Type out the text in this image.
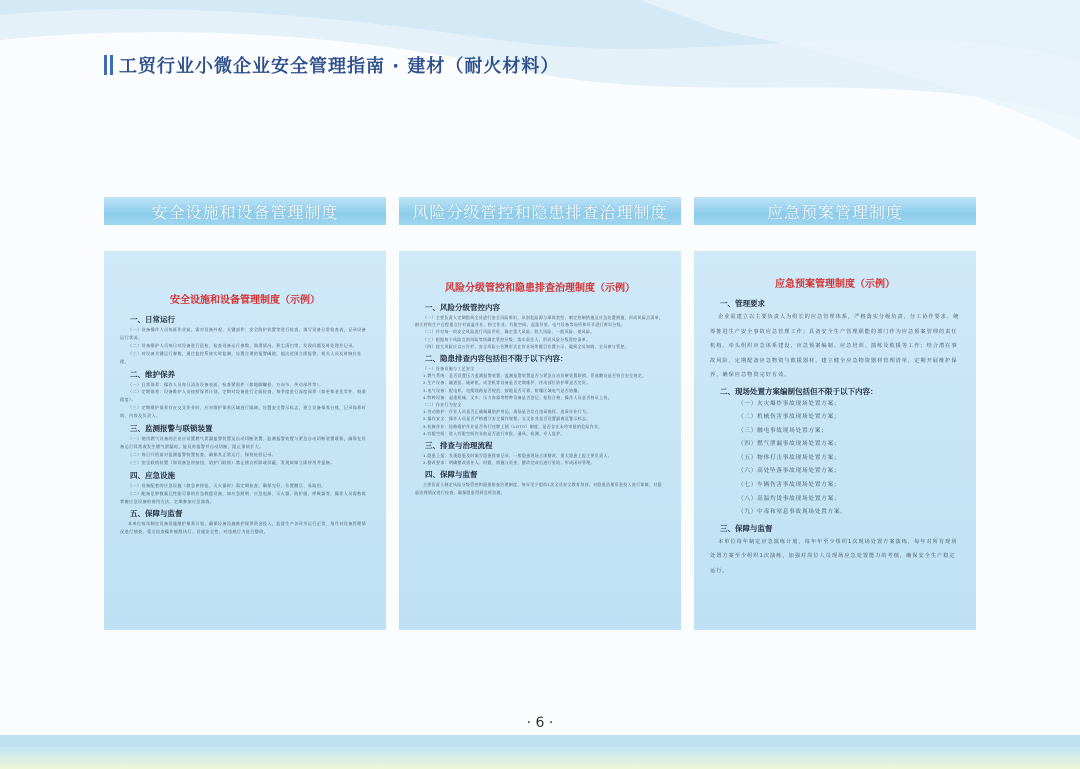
工贸行业小微企业安全管理指南 · 建材（耐火材料）
安全设施和设备管理制度	风险分级管控和隐患排查治理制度	应急预案管理制度
安全设施和设备管理制度（示例）
一、日常运行

（一）设备操作人员每班作业前，需对设备外观、关键部件、安全防护装置等进行检查，填写设备日常检查表，记录设备运行状况。

（二）设备维护人员每日对设备进行巡检，检查设备运行参数、润滑情况、积尘清扫等，发现问题及时处理并记录。

（三）对设备关键运行参数，通过监控系统实时监测，设置合理的报警阈值，超出范围立即报警，相关人员及时响应处理。

二、维护保养

（一）日常保养：操作人员每日清洁设备表面，检查紧固件（如地脚螺栓、万向节、传动部件等）。

（二）定期保养：设备维护人员按照保养计划，定期对设备进行全面检查，每季度进行深度保养（如更换老化零件、校准精度）。

（三）定期维护保养存在交叉作业时，应对维护保养区域进行隔离，设置安全警示标志，建立设备保养台账，记录保养时间、内容及负责人。

三、监测报警与联锁装置

（一）使用燃气设备的企业应设置燃气泄漏报警装置及自动切断装置，监测报警装置与紧急自动切断装置联锁，确保在设备运行异常或发生燃气泄漏时，能及时报警并自动切断，阻止事故扩大。

（二）每日开机前对监测报警装置检查，确保其正常运行，保持检验记录。

（三）安全联锁装置（如设备急停按钮、防护门联锁）禁止擅自拆除或屏蔽，发现故障立即停用并报修。

四、应急设施

（一）设备配套的应急设施（如急停按钮、灭火器材）需定期检查，确保完好、位置醒目、易取用。

（二）配备足够数量且性能可靠的应急救援设备，如应急照明、应急电源、灭火器、防护服、呼吸器等，操作人员需熟练掌握应急设备的使用方法，定期参加应急演练。

五、保障与监督

本单位每年制定设备设施维护保养计划，确保设备设施维护保养资金投入，监督生产各环节运行正常，每月对设备管理情况进行抽查，重点检查操作规程执行、设施安全性、对违规行为进行整改。

风险分级管控和隐患排查治理制度（示例）
一、风险分级管控内容

（一）主要负责人定期组织全员进行安全风险辨识，识别危险源与事故类型，制定控制措施及应急处置措施，形成风险点清单，耐火材料生产过程重点针对高温作业、粉尘作业、有限空间、起重吊装、电气设备等场所和环节进行辨识分级。

（二）针对每一项安全风险进行风险评价，确定重大风险、较大风险、一般风险、低风险。

（三）根据每个风险点的风险等级确定管控层级，落实责任人，形成风险分级管控清单。

（四）较大风险应以公告栏、安全风险公告牌形式在作业场所醒目位置公示，做到全员知晓、全员参与管控。

二、隐患排查内容包括但不限于以下内容：

（一）设备设施与工艺安全

1.燃气系统：是否设置压力监测报警装置，监测报警装置是否与紧急自动切断装置联锁，管道敷设是否符合安全规定。

2.生产设备：隧道窑、破碎机、成型机等设备是否定期维护，传动部位防护罩是否完好。

3.电气设备：配电柜、电缆线路是否规范，接地是否可靠，防爆区域电气是否防爆。

4.特种设备：起重机械、叉车、压力容器等特种设备是否登记、检验合格，操作人员是否持证上岗。

（二）作业行为安全

1.劳动防护：作业人员是否正确佩戴防护用品，现场是否存在违章指挥、违章作业行为。

2.操作安全：操作人员是否严格遵守安全操作规程，交叉作业是否设置隔离及警示标志。

3.检修作业：检修维护作业是否执行挂牌上锁（LOTO）制度，是否存在未经审批的危险作业。

4.有限空间：进入有限空间作业前是否进行审批、通风、检测、专人监护。

三、排查与治理流程

1.隐患上报：发现隐患及时填写隐患排查记录，一般隐患现场立即整改，重大隐患上报主要负责人。

2.整改要求：明确整改责任人、时限、措施与资金，整改完成后进行验收，形成闭环管理。

四、保障与监督

主要负责人制定风险分级管控和隐患排查治理制度，每年至少组织1次全员安全教育培训，对隐患治理资金投入进行保障，对隐患治理情况进行检查，确保隐患得到及时治理。

应急预案管理制度（示例）
一、管理要求

企业需建立以主要负责人为组长的应急管理体系，严格落实分级负责，分工协作要求，统筹推进生产安全事故应急管理工作；具备安全生产管理职能的部门作为应急预案管理的责任机构，牵头组织应急体系建设、应急预案编制、应急培训、演练及救援等工作；结合潜在事故风险，定期配备应急物资与救援器材，建立健全应急物资器材管理清单，定期开展维护保养，确保应急物资完好有效。

二、现场处置方案编制包括但不限于以下内容：
（一）火灾爆炸事故现场处置方案；
（二）机械伤害事故现场处置方案；
（三）触电事故现场处置方案；
（四）燃气泄漏事故现场处置方案；
（五）物体打击事故现场处置方案；
（六）高处坠落事故现场处置方案；
（七）车辆伤害事故现场处置方案；
（八）高温灼烫事故现场处置方案；
（九）中毒和窒息事故现场处置方案。
三、保障与监督

本单位每年制定应急演练计划，每年年至少组织1次现场处置方案演练，每年对所有现场处置方案至少组织1次演练，加强对岗位人员现场应急处置能力的考核，确保安全生产稳定运行。

· 6 ·
